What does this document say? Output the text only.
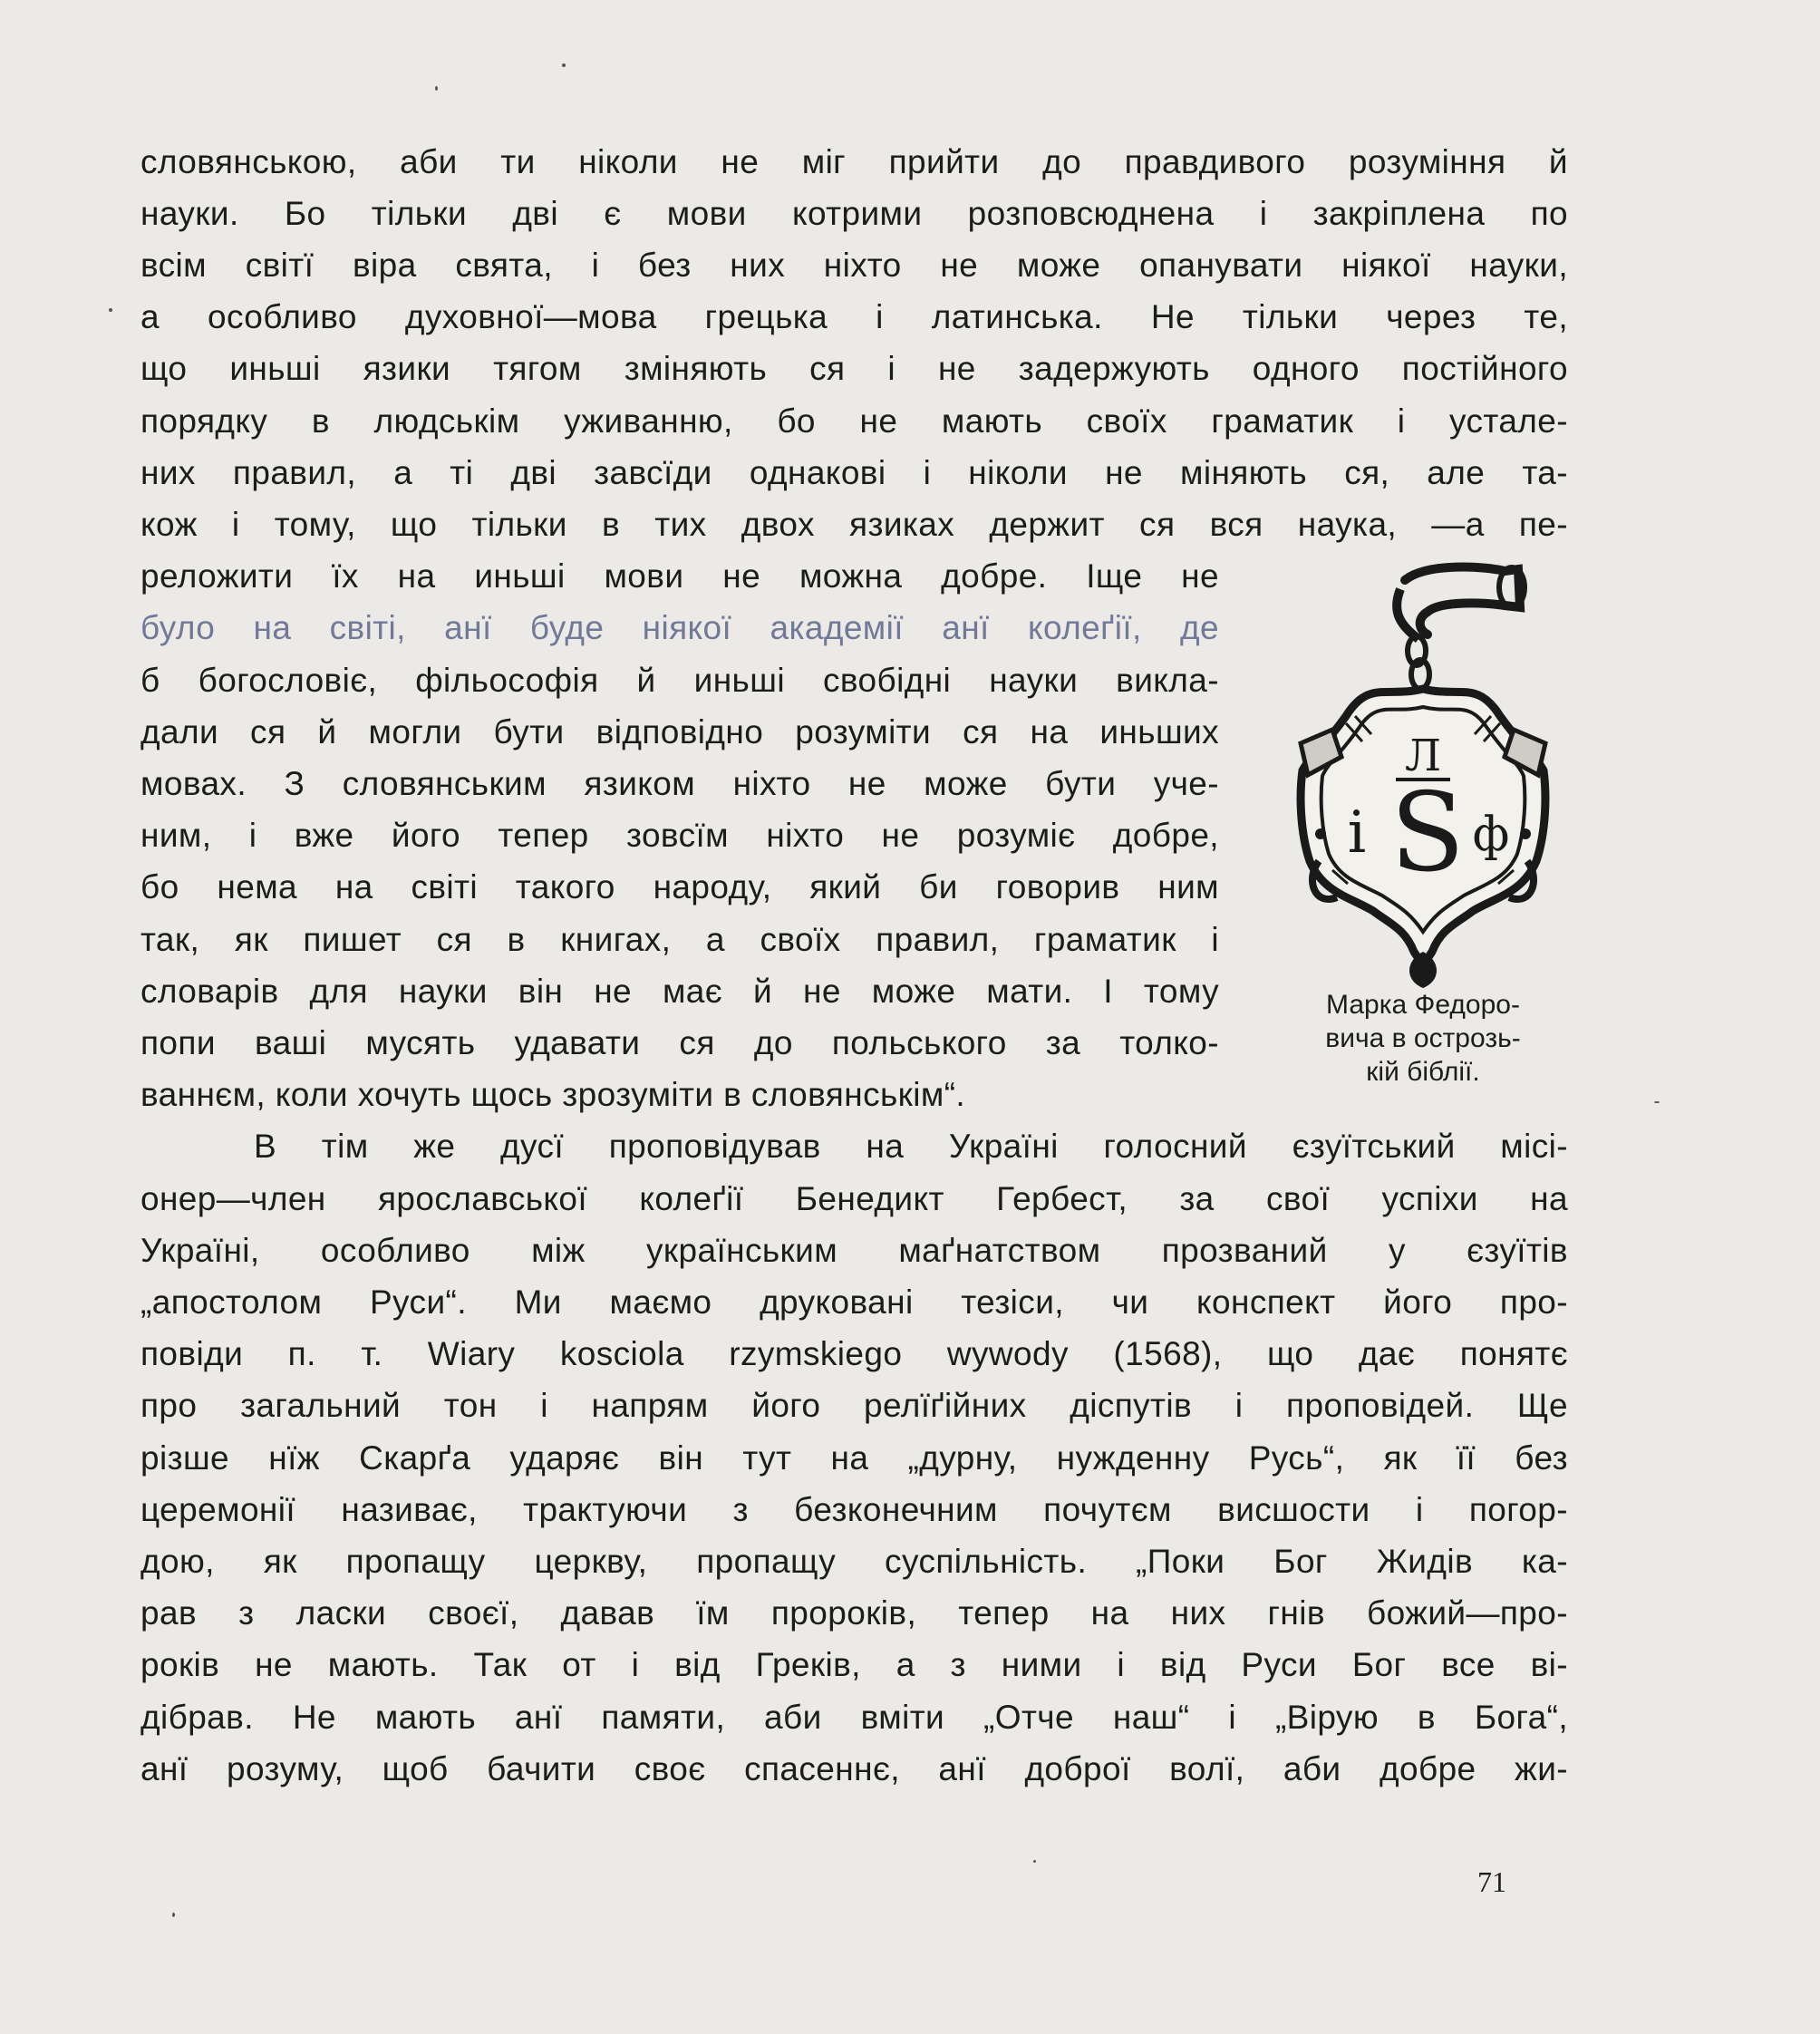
словянською, аби ти ніколи не міг прийти до правдивого розуміння й
науки. Бо тільки дві є мови котрими розповсюднена і закріплена по
всім світї віра свята, і без них ніхто не може опанувати ніякої науки,
а особливо духовної—мова грецька і латинська. Не тільки через те,
що иньші язики тягом зміняють ся і не задержують одного постійного
порядку в людськім уживанню, бо не мають своїх граматик і устале-
них правил, а ті дві завсїди однакові і ніколи не міняють ся, але та-
кож і тому, що тільки в тих двох язиках держит ся вся наука, —а пе-
реложити їх на иньші мови не можна добре. Іще не
було на світі, анї буде ніякої академії анї колеґії, де
б богословіє, фільософія й иньші свобідні науки викла-
дали ся й могли бути відповідно розуміти ся на иньших
мовах. З словянським язиком ніхто не може бути уче-
ним, і вже його тепер зовсїм ніхто не розуміє добре,
бо нема на світі такого народу, який би говорив ним
так, як пишет ся в книгах, а своїх правил, граматик і
словарів для науки він не має й не може мати. І тому
попи ваші мусять удавати ся до польського за толко-
ваннєм, коли хочуть щось зрозуміти в словянськім“.
В тім же дусї проповідував на Україні голосний єзуїтський місі-
онер—член ярославської колеґії Бенедикт Гербест, за свої успіхи на
Україні, особливо між українським маґнатством прозваний у єзуїтів
„апостолом Руси“. Ми маємо друковані тезіси, чи конспект його про-
повіди п. т. Wiary kosciola rzymskiego wywody (1568), що дає понятє
про загальний тон і напрям його релїґійних діспутів і проповідей. Ще
різше нїж Скарґа ударяє він тут на „дурну, нужденну Русь“, як її без
церемонії називає, трактуючи з безконечним почутєм висшости і погор-
дою, як пропащу церкву, пропащу суспільність. „Поки Бог Жидів ка-
рав з ласки своєї, давав їм пророків, тепер на них гнів божий—про-
років не мають. Так от і від Греків, а з ними і від Руси Бог все ві-
дібрав. Не мають анї памяти, аби вміти „Отче наш“ і „Вірую в Бога“,
анї розуму, щоб бачити своє спасеннє, анї доброї волї, аби добре жи-
Л
і S ф
Марка Федоро-
вича в острозь-
кій біблії.
71
